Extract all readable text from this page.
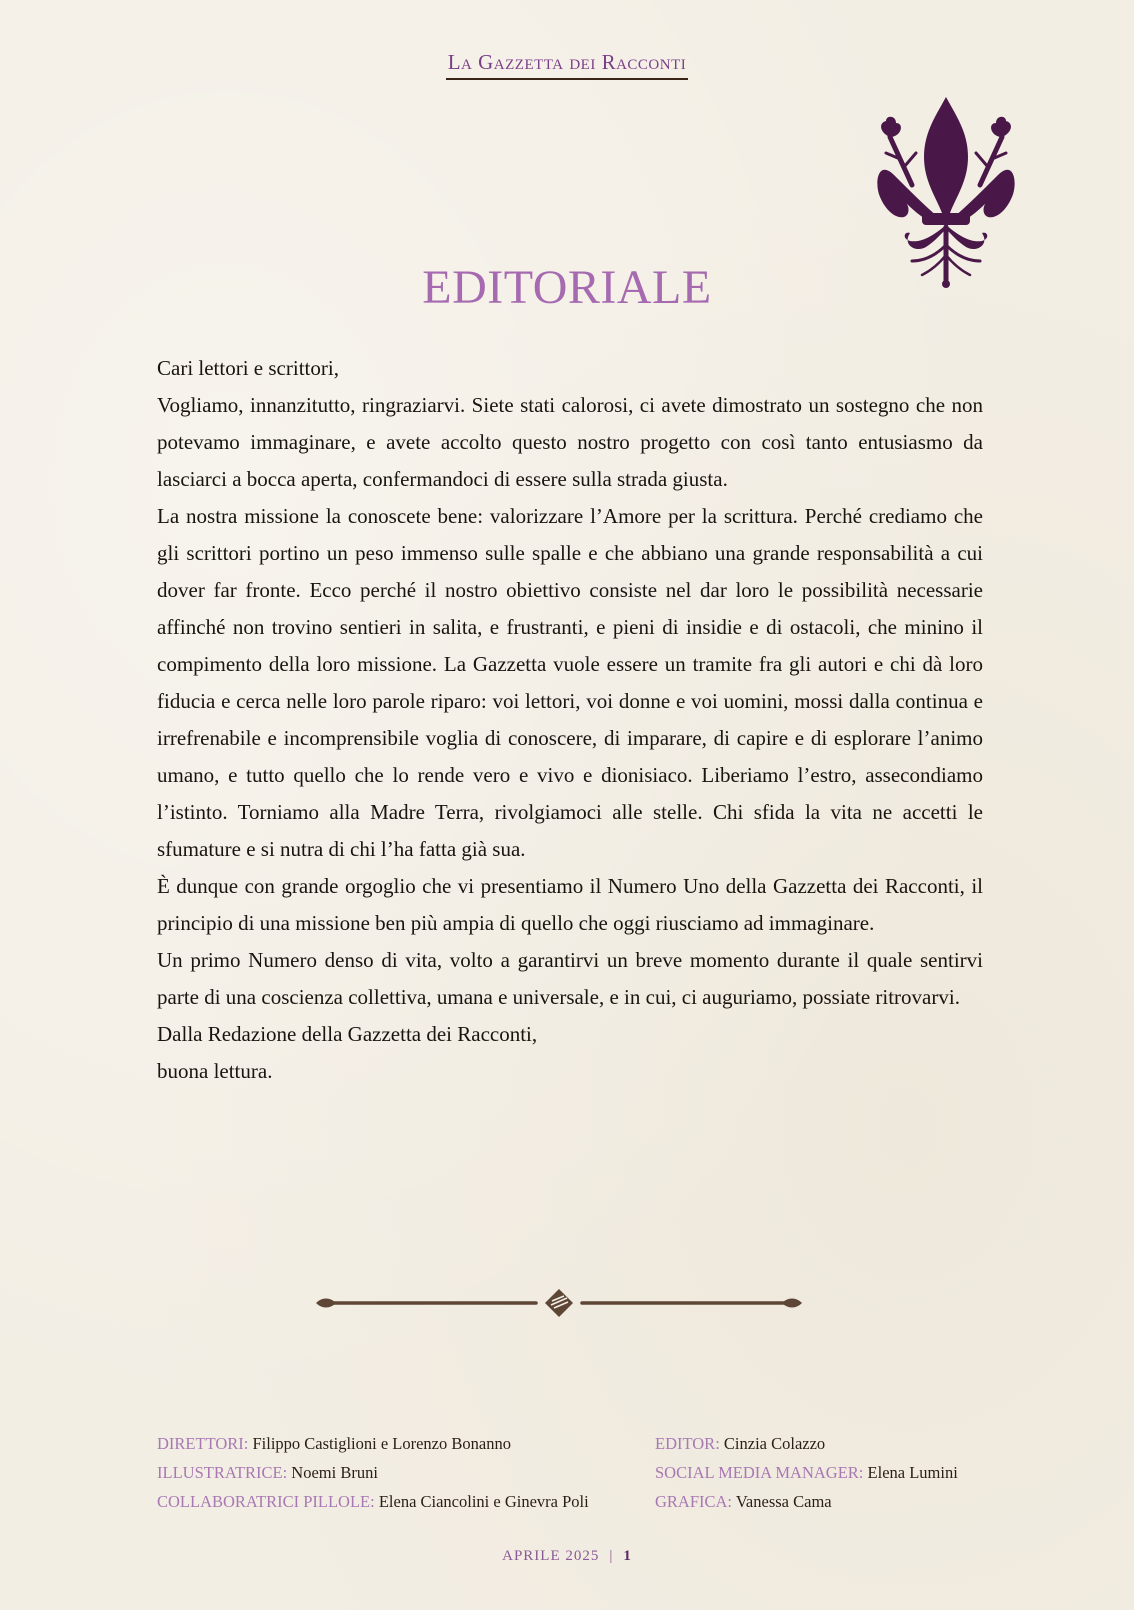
La Gazzetta dei Racconti
EDITORIALE

Cari lettori e scrittori,

Vogliamo, innanzitutto, ringraziarvi. Siete stati calorosi, ci avete dimostrato un sostegno che non potevamo immaginare, e avete accolto questo nostro progetto con così tanto entusiasmo da lasciarci a bocca aperta, confermandoci di essere sulla strada giusta.

La nostra missione la conoscete bene: valorizzare l’Amore per la scrittura. Perché crediamo che gli scrittori portino un peso immenso sulle spalle e che abbiano una grande responsabilità a cui dover far fronte. Ecco perché il nostro obiettivo consiste nel dar loro le possibilità necessarie affinché non trovino sentieri in salita, e frustranti, e pieni di insidie e di ostacoli, che minino il compimento della loro missione. La Gazzetta vuole essere un tramite fra gli autori e chi dà loro fiducia e cerca nelle loro parole riparo: voi lettori, voi donne e voi uomini, mossi dalla continua e irrefrenabile e incomprensibile voglia di conoscere, di imparare, di capire e di esplorare l’animo umano, e tutto quello che lo rende vero e vivo e dionisiaco. Liberiamo l’estro, assecondiamo l’istinto. Torniamo alla Madre Terra, rivolgiamoci alle stelle. Chi sfida la vita ne accetti le sfumature e si nutra di chi l’ha fatta già sua.

È dunque con grande orgoglio che vi presentiamo il Numero Uno della Gazzetta dei Racconti, il principio di una missione ben più ampia di quello che oggi riusciamo ad immaginare.

Un primo Numero denso di vita, volto a garantirvi un breve momento durante il quale sentirvi parte di una coscienza collettiva, umana e universale, e in cui, ci auguriamo, possiate ritrovarvi.

Dalla Redazione della Gazzetta dei Racconti,

buona lettura.

DIRETTORI: Filippo Castiglioni e Lorenzo Bonanno
ILLUSTRATRICE: Noemi Bruni
COLLABORATRICI PILLOLE: Elena Ciancolini e Ginevra Poli
EDITOR: Cinzia Colazzo
SOCIAL MEDIA MANAGER: Elena Lumini
GRAFICA: Vanessa Cama
APRILE 2025 | 1
